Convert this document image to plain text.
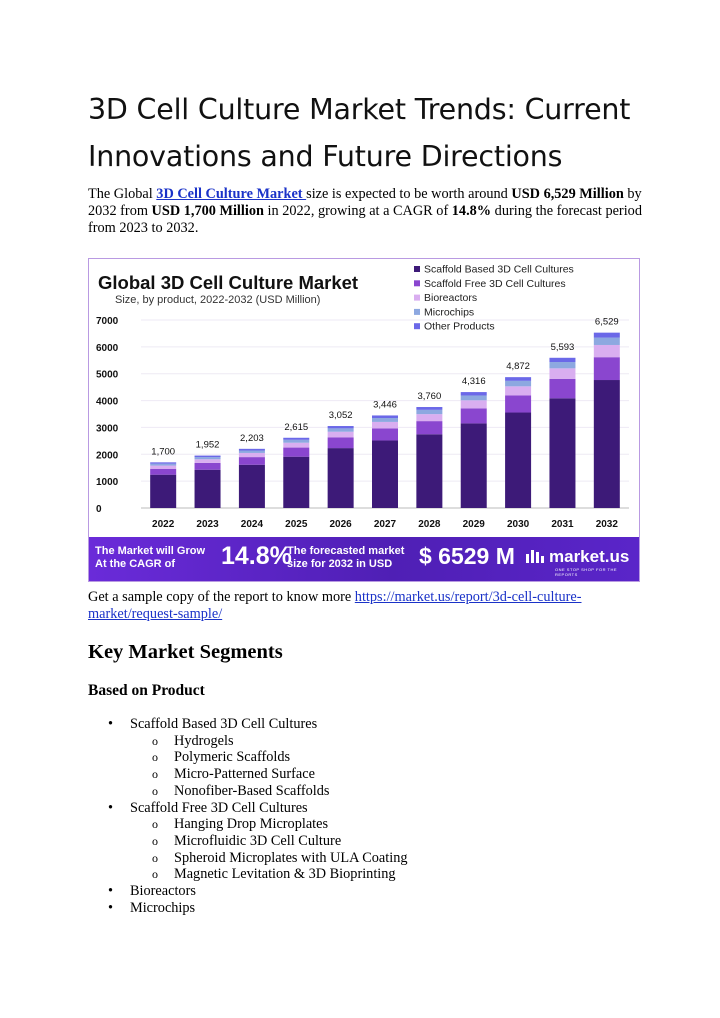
3D Cell Culture Market Trends: Current Innovations and Future Directions

The Global 3D Cell Culture Market size is expected to be worth around USD 6,529 Million by 2032 from USD 1,700 Million in 2022, growing at a CAGR of 14.8% during the forecast period from 2023 to 2032.

Global 3D Cell Culture Market
Size, by product, 2022-2032 (USD Million)
0
1000
2000
3000
4000
5000
6000
7000
1,700
2022
1,952
2023
2,203
2024
2,615
2025
3,052
2026
3,446
2027
3,760
2028
4,316
2029
4,872
2030
5,593
2031
6,529
2032
Scaffold Based 3D Cell Cultures
Scaffold Free 3D Cell Cultures
Bioreactors
Microchips
Other Products
The Market will Grow At the CAGR of	14.8%
The forecasted market size for 2032 in USD	$ 6529 M	market.us
ONE STOP SHOP FOR THE REPORTS

Get a sample copy of the report to know more https://market.us/report/3d-cell-culture-market/request-sample/

Key Market Segments
Based on Product
• Scaffold Based 3D Cell Cultures
o Hydrogels
o Polymeric Scaffolds
o Micro-Patterned Surface
o Nonofiber-Based Scaffolds
• Scaffold Free 3D Cell Cultures
o Hanging Drop Microplates
o Microfluidic 3D Cell Culture
o Spheroid Microplates with ULA Coating
o Magnetic Levitation & 3D Bioprinting
• Bioreactors
• Microchips
